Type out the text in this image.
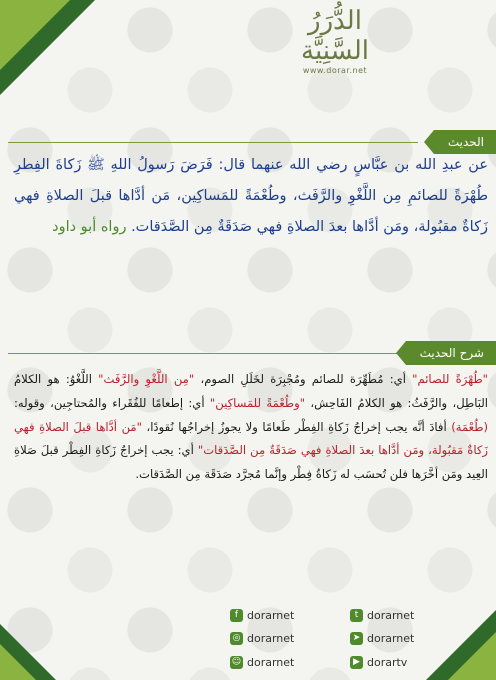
الدُّرَرُ السَّنِيَّة
www.dorar.net
الحديث
عن عبدِ الله بن عبَّاسٍ رضي الله عنهما قال: فَرَضَ رَسولُ اللهِ ﷺ زَكاةَ الفِطرِ طُهْرَةً للصائمِ مِن اللَّغْوِ والرَّفَث، وطُعْمَةً للمَساكِين، مَن أدَّاها قبلَ الصلاةِ فهي زَكاةٌ مقبُولة، ومَن أدَّاها بعدَ الصلاةِ فهي صَدَقَةٌ مِن الصَّدَقات. رواه أبو داود
شرح الحديث
"طُهْرَةً للصائم" أي: مُطَهِّرَة للصائم ومُجْبِرَة لخَلَلِ الصوم، "مِن اللَّغْوِ والرَّفَث" اللَّغْوُ: هو الكلامُ البَاطِل، والرَّفَثُ: هو الكلامُ الفَاحِش، "وطُعْمَةً للمَساكِين" أي: إطعامًا للفُقَراء والمُحتاجِين، وقوله: (طُعْمَة) أفادَ أنَّه يجب إخراجُ زَكاةِ الفِطْر طَعامًا ولا يجوزُ إخراجُها نُقودًا، "مَن أدَّاها قبلَ الصلاةِ فهي زَكاةٌ مَقبُولة، ومَن أدَّاها بعدَ الصلاةِ فهي صَدَقَةٌ مِن الصَّدَقات" أي: يجب إخراجُ زَكاةِ الفِطْر قبلَ صَلاةِ العِيد ومَن أخَّرَها فلن تُحسَب له زَكاةُ فِطْر وإنَّما مُجرَّد صَدَقَة مِن الصَّدَقات.
f dorarnet	t dorarnet
◎ dorarnet	➤ dorarnet
☺ dorarnet	▶ dorartv
